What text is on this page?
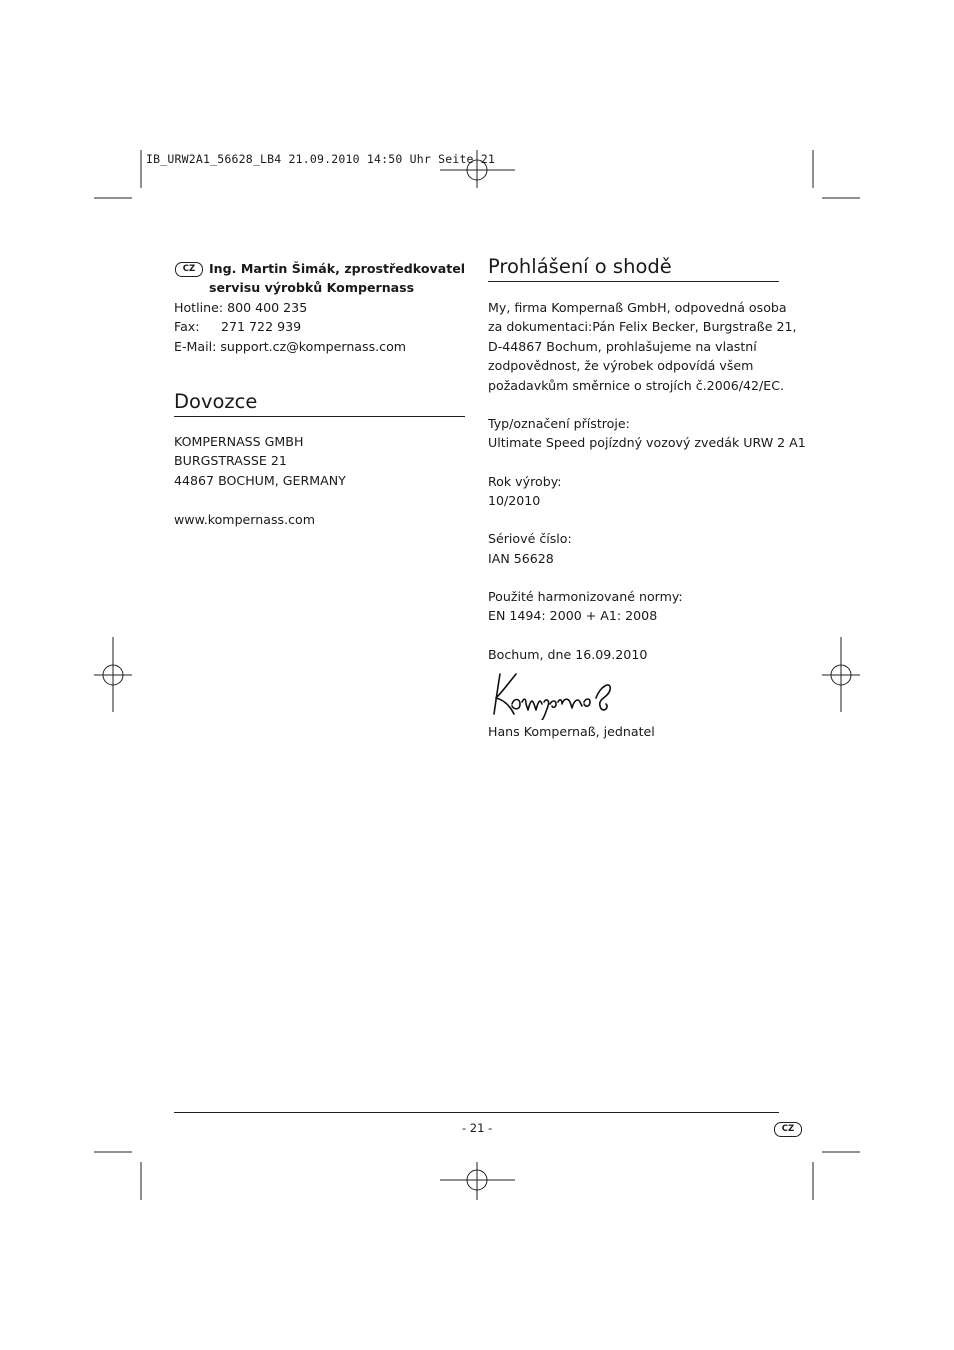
IB_URW2A1_56628_LB4 21.09.2010 14:50 Uhr Seite 21
CZ	Ing. Martin Šimák, zprostředkovatel
servisu výrobků Kompernass
Hotline: 800 400 235
Fax: 271 722 939
E-Mail: support.cz@kompernass.com
Dovozce
KOMPERNASS GMBH
BURGSTRASSE 21
44867 BOCHUM, GERMANY
www.kompernass.com
Prohlášení o shodě
My, firma Kompernaß GmbH, odpovedná osoba
za dokumentaci:Pán Felix Becker, Burgstraße 21,
D-44867 Bochum, prohlašujeme na vlastní
zodpovědnost, že výrobek odpovídá všem
požadavkům směrnice o strojích č.2006/42/EC.
Typ/označení přístroje:
Ultimate Speed pojízdný vozový zvedák URW 2 A1
Rok výroby:
10/2010
Sériové číslo:
IAN 56628
Použité harmonizované normy:
EN 1494: 2000 + A1: 2008
Bochum, dne 16.09.2010
Hans Kompernaß, jednatel
- 21 -	CZ
